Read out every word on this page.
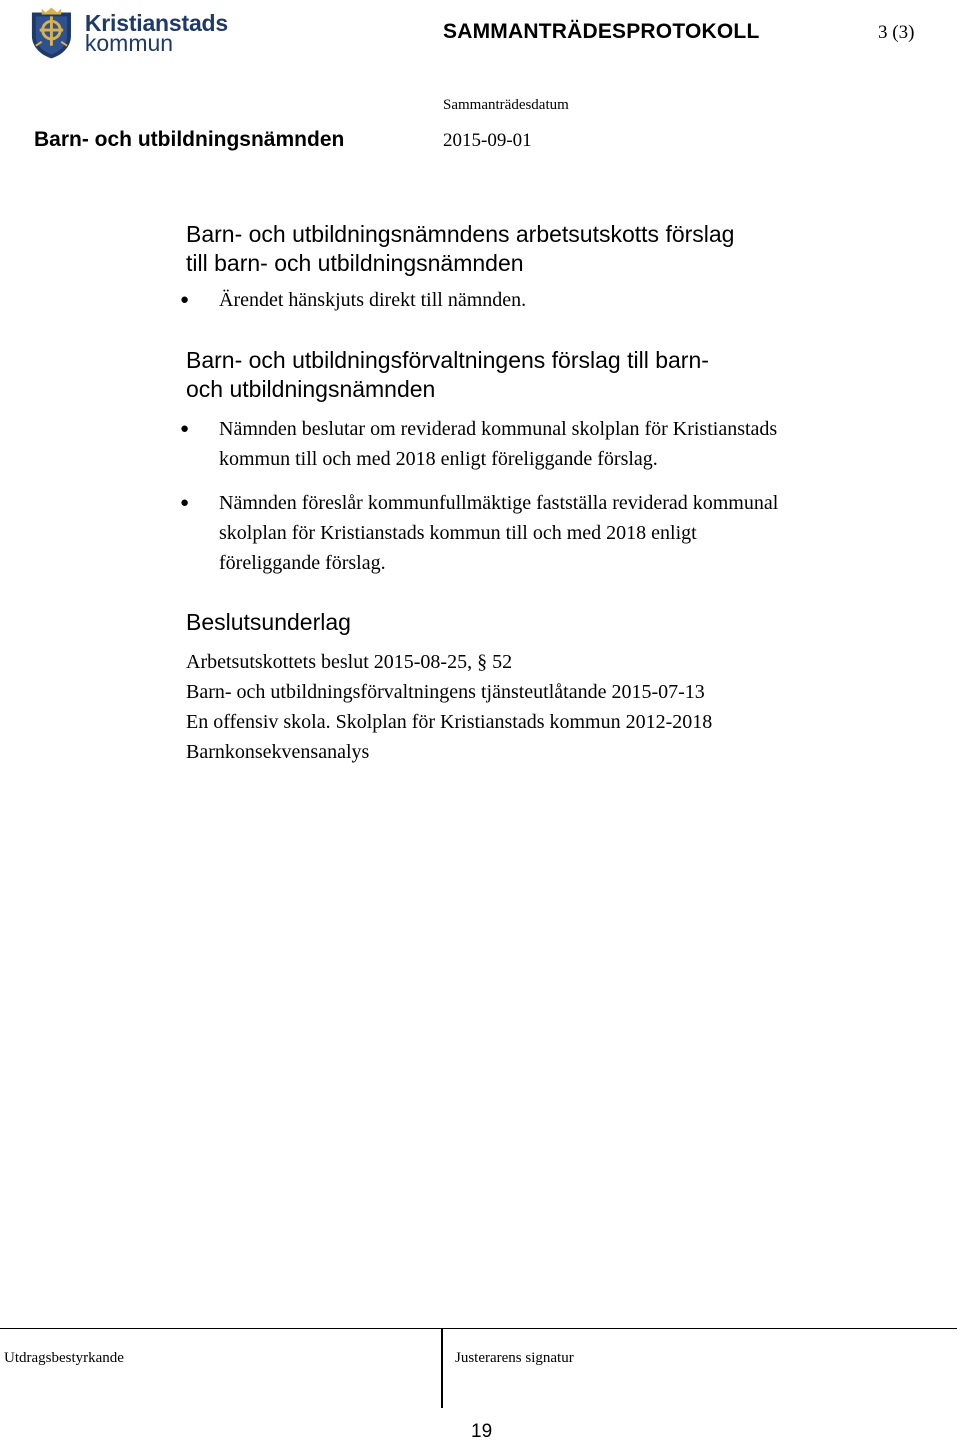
Kristianstads
kommun	SAMMANTRÄDESPROTOKOLL	3 (3)
Sammanträdesdatum
Barn- och utbildningsnämnden	2015-09-01
Barn- och utbildningsnämndens arbetsutskotts förslag
till barn- och utbildningsnämnden
● Ärendet hänskjuts direkt till nämnden.
Barn- och utbildningsförvaltningens förslag till barn-
och utbildningsnämnden
● Nämnden beslutar om reviderad kommunal skolplan för Kristianstads
kommun till och med 2018 enligt föreliggande förslag.
● Nämnden föreslår kommunfullmäktige fastställa reviderad kommunal
skolplan för Kristianstads kommun till och med 2018 enligt
föreliggande förslag.
Beslutsunderlag
Arbetsutskottets beslut 2015-08-25, § 52
Barn- och utbildningsförvaltningens tjänsteutlåtande 2015-07-13
En offensiv skola. Skolplan för Kristianstads kommun 2012-2018
Barnkonsekvensanalys
Utdragsbestyrkande	Justerarens signatur
19
